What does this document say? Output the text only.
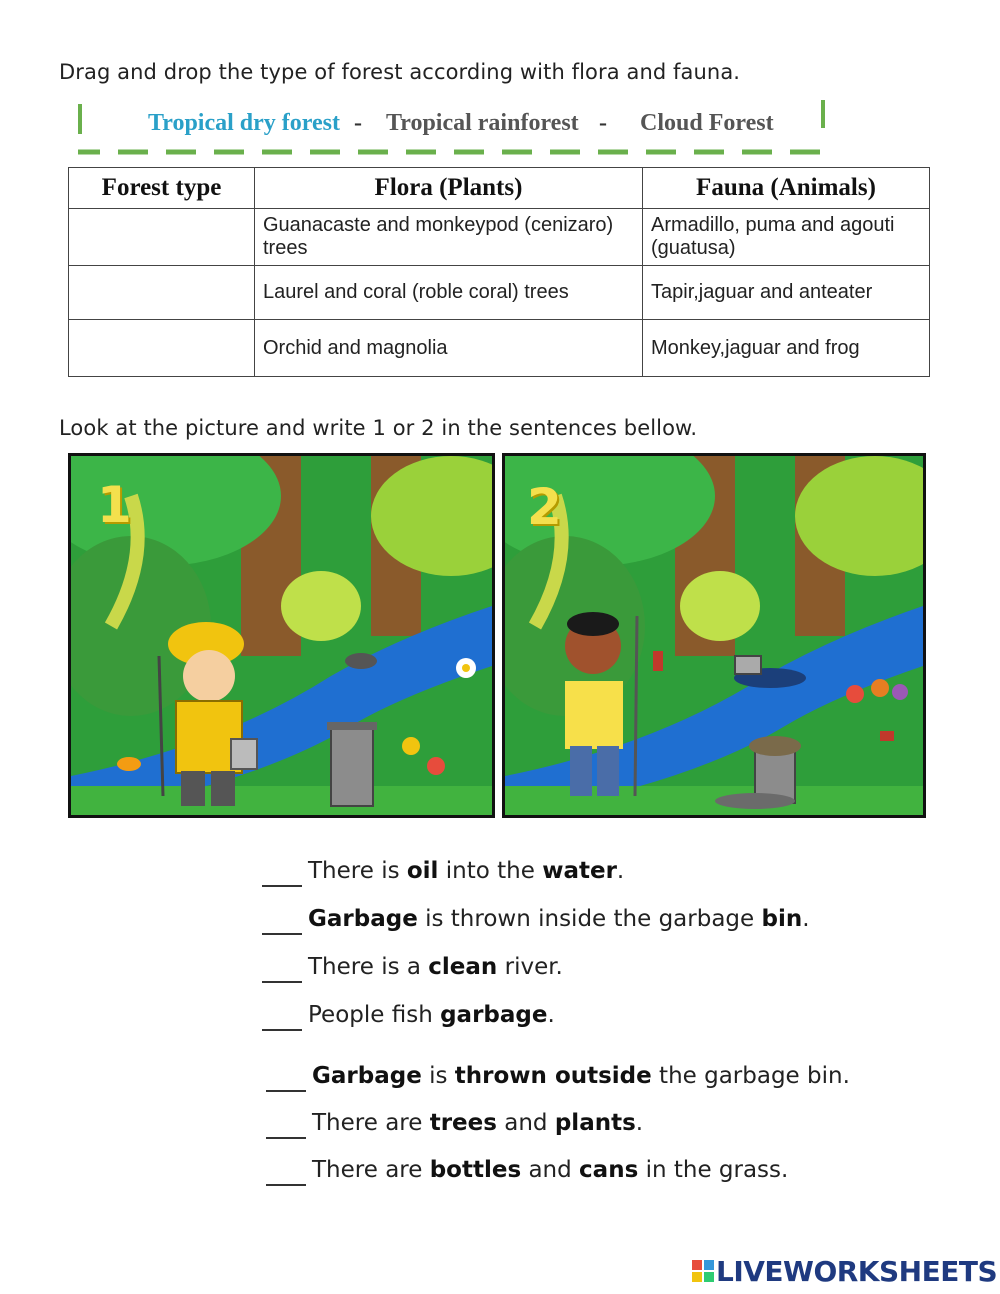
Drag and drop the type of forest according with flora and fauna.
Tropical dry forest - Tropical rainforest - Cloud Forest
Forest type	Flora (Plants)	Fauna (Animals)

	Guanacaste and monkeypod (cenizaro) trees	Armadillo, puma and agouti (guatusa)

	Laurel and coral (roble coral) trees	Tapir,jaguar and anteater

	Orchid and magnolia	Monkey,jaguar and frog
Look at the picture and write 1 or 2 in the sentences bellow.
1	2
There is oil into the water.
Garbage is thrown inside the garbage bin.
There is a clean river.
People fish garbage.
Garbage is thrown outside the garbage bin.
There are trees and plants.
There are bottles and cans in the grass.
LIVEWORKSHEETS
